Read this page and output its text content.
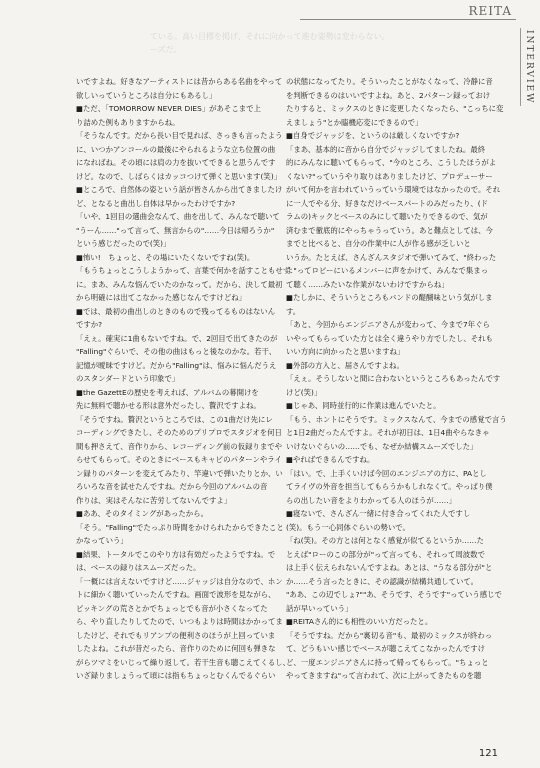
REITA
INTERVIEW
ている。高い目標を掲げ、それに向かって進む姿勢は変わらない。
ーズだ。

いですよね。好きなアーティストには昔からある名曲をやって

欲しいっていうところは自分にもあるし」

■ただ、「TOMORROW NEVER DIES」があそこまで上

り詰めた例もありますからね。

「そうなんです。だから長い目で見れば、さっきも言ったよう

に、いつかアンコールの最後にやられるような立ち位置の曲

になればね。その頃には肩の力を抜いてできると思うんです

けど。なので、しばらくはカッコつけて弾くと思います(笑)」

■ところで、自然体の姿という話が皆さんから出てきましたけ

ど、となると曲出し自体は早かったわけですか?

「いや、1回目の選曲会なんて、曲を出して、みんなで聴いて

"うーん……"って言って、無言からの"……今日は帰ろうか"

という感じだったので(笑)」

■怖い!　ちょっと、その場にいたくないですね(笑)。

「もうちょっとこうしようかって、言葉で何かを話すこともせず

に。まあ、みんな悩んでいたのかなって。だから、決して最初

から明確には出てこなかった感じなんですけどね」

■では、最初の曲出しのときのもので残ってるものはないん

ですか?

「えぇ。確実に1曲もないですね。で、2回目で出てきたのが

"Falling"ぐらいで、その他の曲はもっと後なのかな。若干、

記憶が曖昧ですけど。だから"Falling"は、悩みに悩んだうえ

のスタンダードという印象で」

■the GazettEの歴史を考えれば、アルバムの幕開けを

先に無料で聴かせる形は意外だったし、贅沢ですよね。

「そうですね。贅沢というところでは、この1曲だけ先にレ

コーディングできたし、そのためのプリプロでスタジオを何日

間も押さえて、音作りから、レコーディング前の仮録りまでや

らせてもらって。そのときにベースもキャビのパターンやライ

ン録りのパターンを変えてみたり、竿違いで弾いたりとか、い

ろいろな音を試せたんですね。だから今回のアルバムの音

作りは、実はそんなに苦労してないんですよ」

■ああ、そのタイミングがあったから。

「そう。"Falling"でたっぷり時間をかけられたからできたこと

かなっていう」

■結果、トータルでこのやり方は有効だったようですね。で

は、ベースの録りはスムーズだった。

「一概には言えないですけど……ジャッジは自分なので、ホン

トに細かく聴いていったんですね。画面で波形を見ながら、

ピッキングの荒さとかでちょっとでも音が小さくなってた

ら、やり直したりしてたので、いつもよりは時間はかかってま

したけど、それでもリアンプの便利さのほうが上回っていま

したよね。これが昔だったら、音作りのために何回も弾きな

がらツマミをいじって繰り返して。若干生音も聴こえてくるし、

いざ録りましょうって頃には指もちょっとむくんでるぐらい

の状態になってたり。そういったことがなくなって、冷静に音

を判断できるのはいいですよね。あと、2パターン録っておけ

たりすると、ミックスのときに変更したくなったら、"こっちに変

えましょう"とか臨機応変にできるので」

■自身でジャッジを、というのは厳しくないですか?

「まあ、基本的に音から自分でジャッジしてましたね。最終

的にみんなに聴いてもらって、"今のところ、こうしたほうがよ

くない?"っていうやり取りはありましたけど、プロデューサー

がいて何かを言われていうっていう環境ではなかったので。それ

に一人でやる分、好きなだけベースパートのみだったり、(ド

ラムの)キックとベースのみにして聴いたりできるので、気が

済むまで徹底的にやっちゃうっていう。あと難点としては、今

までと比べると、自分の作業中に人が作る感が乏しいと

いうか。たとえば、さんざんスタジオで弾いてみて、"終わった

よ"ってロビーにいるメンバーに声をかけて、みんなで集まっ

て聴く……みたいな作業がないわけですからね」

■たしかに、そういうところもバンドの醍醐味という気がしま

す。

「あと、今回からエンジニアさんが変わって、今まで7年ぐら

いやってもらっていた方とは全く違うやり方でしたし、それも

いい方向に向かったと思いますね」

■外部の方入と、届さんですよね。

「えぇ。そうしないと間に合わないというところもあったんです

けど(笑)」

■じゃあ、同時並行的に作業は進んでいたと。

「もう、ホントにそうです。ミックスなんて、今までの感覚で言う

と1日2曲だったんですよ。それが初日は、1日4曲やらなきゃ

いけないぐらいの……でも、なぜか結構スムーズでした」

■やればできるんですね。

「はい。で、上手くいけば今回のエンジニアの方に、PAとし

てライヴの外音を担当してもらうかもしれなくて。やっぱり僕

らの出したい音をよりわかってる人のほうが……」

■寝ないで、さんざん一緒に付き合ってくれた人ですし

(笑)。もう一心同体ぐらいの勢いで。

「ね(笑)。その方とは何となく感覚が似てるというか……た

とえば"ローのこの部分が"って言っても、それって周波数で

は上手く伝えられないんですよね。あとは、"うなる部分が"と

か……そう言ったときに、その認識が結構共通していて。

"ああ、この辺でしょ?""あ、そうです、そうです"っていう感じで

話が早いっていう」

■REITAさん的にも相性のいい方だったと。

「そうですね。だから"裏切る音"も、最初のミックスが終わっ

て、どうもいい感じでベースが聴こえてこなかったんですけ

ど、一度エンジニアさんに持って帰ってもらって。"ちょっと

やってきますね"って言われて、次に上がってきたものを聴

121
